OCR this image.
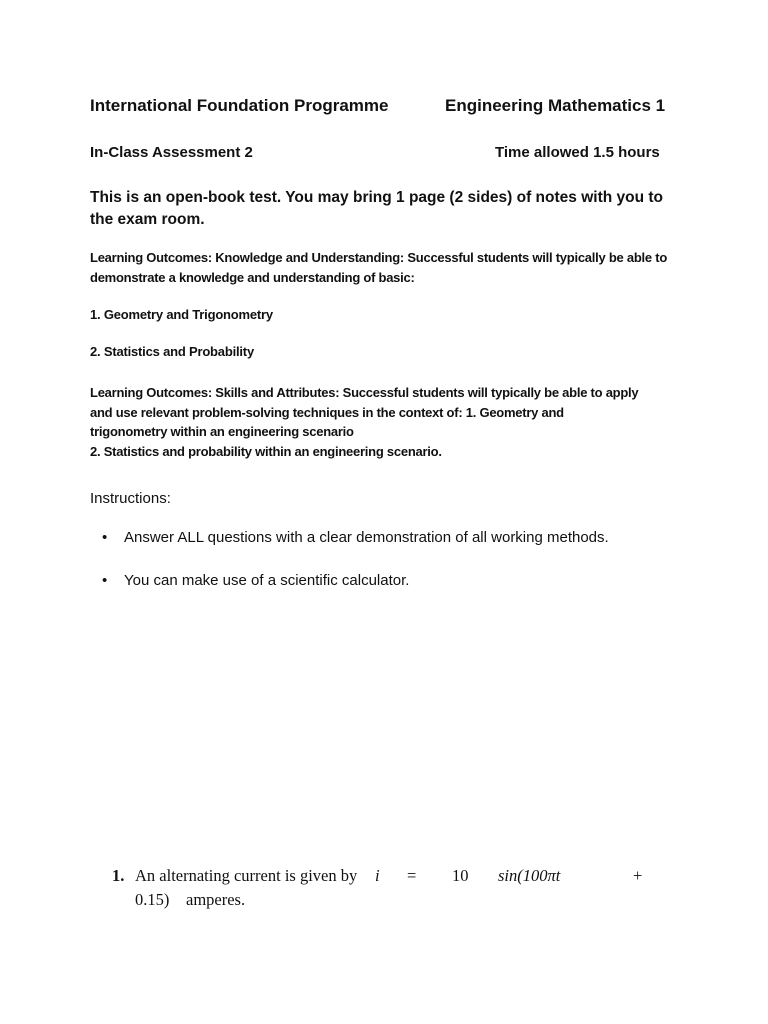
International Foundation Programme	Engineering Mathematics 1
In-Class Assessment 2	Time allowed 1.5 hours
This is an open-book test. You may bring 1 page (2 sides) of notes with you to the exam room.
Learning Outcomes: Knowledge and Understanding: Successful students will typically be able to
demonstrate a knowledge and understanding of basic:
1. Geometry and Trigonometry
2. Statistics and Probability
Learning Outcomes: Skills and Attributes: Successful students will typically be able to apply
and use relevant problem-solving techniques in the context of: 1. Geometry and
trigonometry within an engineering scenario
2. Statistics and probability within an engineering scenario.
Instructions:
• Answer ALL questions with a clear demonstration of all working methods.
• You can make use of a scientific calculator.
1. An alternating current is given by i = 10 sin(100πt	+
0.15) amperes.
